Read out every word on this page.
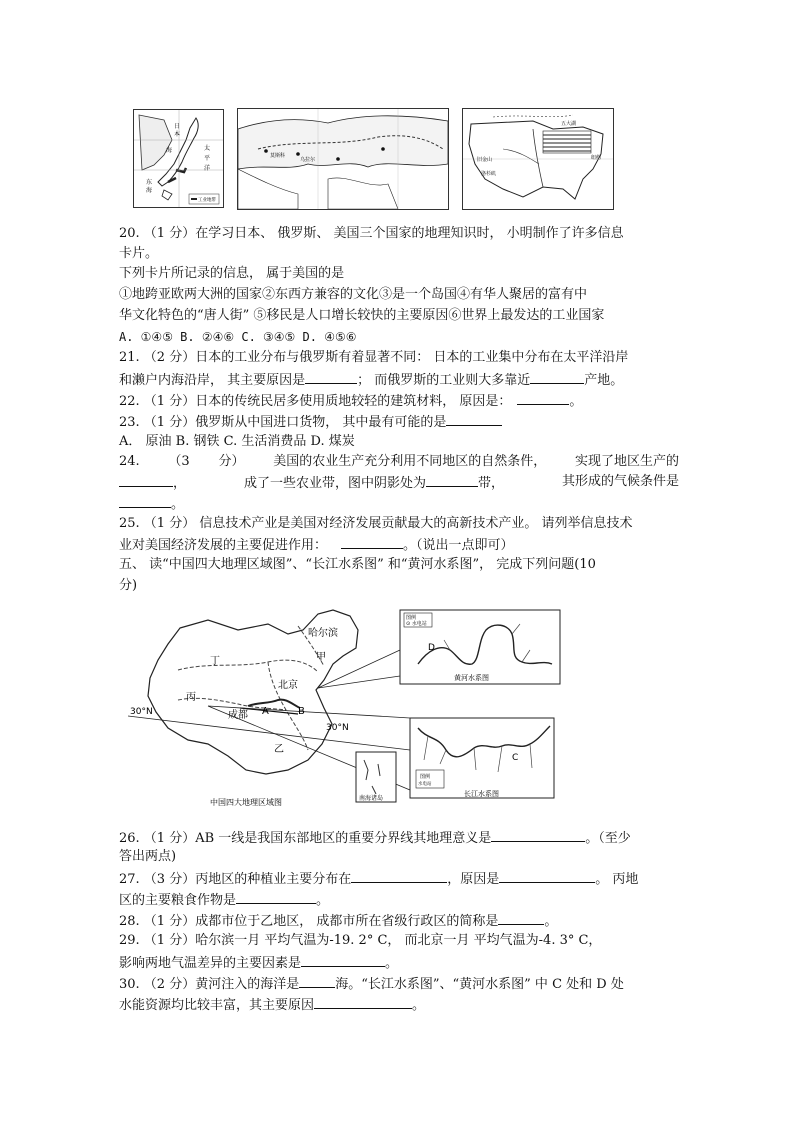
日
本
海	太
平
洋
东
海
工业地带
莫斯科
乌拉尔	旧金山
洛杉矶
纽约
五大湖
20. （1 分）在学习日本、 俄罗斯、 美国三个国家的地理知识时， 小明制作了许多信息
卡片。
下列卡片所记录的信息， 属于美国的是
①地跨亚欧两大洲的国家②东西方兼容的文化③是一个岛国④有华人聚居的富有中
华文化特色的“唐人街” ⑤移民是人口增长较快的主要原因⑥世界上最发达的工业国家
A. ①④⑤ B. ②④⑥ C. ③④⑤ D. ④⑤⑥
21. （2 分）日本的工业分布与俄罗斯有着显著不同： 日本的工业集中分布在太平洋沿岸
和濑户内海沿岸， 其主要原因是	； 而俄罗斯的工业则大多靠近	产地。
22. （1 分）日本的传统民居多使用质地较轻的建筑材料， 原因是：	。
23. （1 分）俄罗斯从中国进口货物， 其中最有可能的是
A． 原油 B. 钢铁 C. 生活消费品 D. 煤炭
24. （3 分） 美国的农业生产充分利用不同地区的自然条件， 实现了地区生产的
，	成了一些农业带，图中阴影处为	带，	其形成的气候条件是
。
25. （1 分） 信息技术产业是美国对经济发展贡献最大的高新技术产业。 请列举信息技术
业对美国经济发展的主要促进作用：	。（说出一点即可）
五、 读“中国四大地理区域图”、“长江水系图” 和“黄河水系图”， 完成下列问题(10
分)
南海诸岛
哈尔滨
甲
丁
北京
丙
成都 A	B
乙
30°N
30°N
中国四大地理区域图
图例
⊙ 水电站
D
黄河水系图
图例
水电站
C
长江水系图
26. （1 分）AB 一线是我国东部地区的重要分界线其地理意义是	。（至少
答出两点)
27. （3 分）丙地区的种植业主要分布在	，原因是	。 丙地
区的主要粮食作物是	。
28. （1 分）成都市位于乙地区， 成都市所在省级行政区的简称是	。
29. （1 分）哈尔滨一月 平均气温为-19. 2° C， 而北京一月 平均气温为-4. 3° C，
影响两地气温差异的主要因素是	。
30. （2 分）黄河注入的海洋是	海。“长江水系图”、“黄河水系图” 中 C 处和 D 处
水能资源均比较丰富，其主要原因	。
